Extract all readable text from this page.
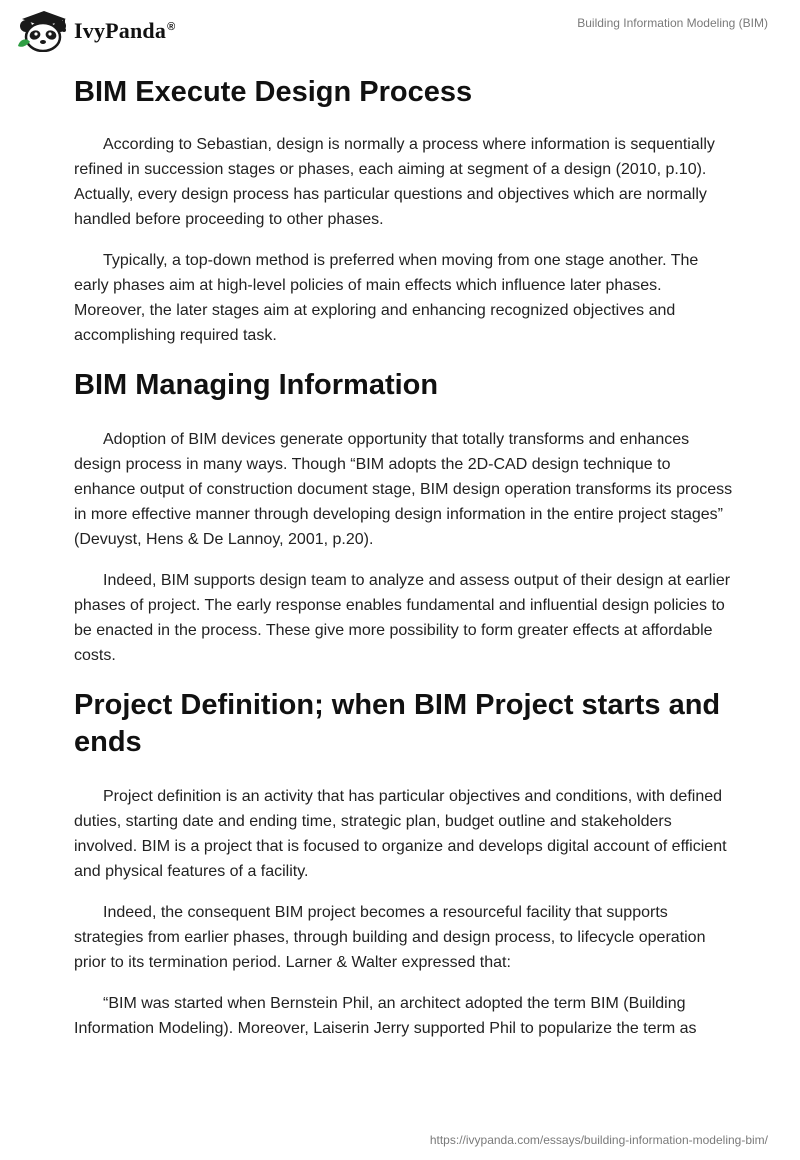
IvyPanda®	Building Information Modeling (BIM)
BIM Execute Design Process

According to Sebastian, design is normally a process where information is sequentially refined in succession stages or phases, each aiming at segment of a design (2010, p.10). Actually, every design process has particular questions and objectives which are normally handled before proceeding to other phases.

Typically, a top-down method is preferred when moving from one stage another. The early phases aim at high-level policies of main effects which influence later phases. Moreover, the later stages aim at exploring and enhancing recognized objectives and accomplishing required task.

BIM Managing Information

Adoption of BIM devices generate opportunity that totally transforms and enhances design process in many ways. Though “BIM adopts the 2D-CAD design technique to enhance output of construction document stage, BIM design operation transforms its process in more effective manner through developing design information in the entire project stages” (Devuyst, Hens & De Lannoy, 2001, p.20).

Indeed, BIM supports design team to analyze and assess output of their design at earlier phases of project. The early response enables fundamental and influential design policies to be enacted in the process. These give more possibility to form greater effects at affordable costs.

Project Definition; when BIM Project starts and ends

Project definition is an activity that has particular objectives and conditions, with defined duties, starting date and ending time, strategic plan, budget outline and stakeholders involved. BIM is a project that is focused to organize and develops digital account of efficient and physical features of a facility.

Indeed, the consequent BIM project becomes a resourceful facility that supports strategies from earlier phases, through building and design process, to lifecycle operation prior to its termination period. Larner & Walter expressed that:

“BIM was started when Bernstein Phil, an architect adopted the term BIM (Building Information Modeling). Moreover, Laiserin Jerry supported Phil to popularize the term as

https://ivypanda.com/essays/building-information-modeling-bim/
